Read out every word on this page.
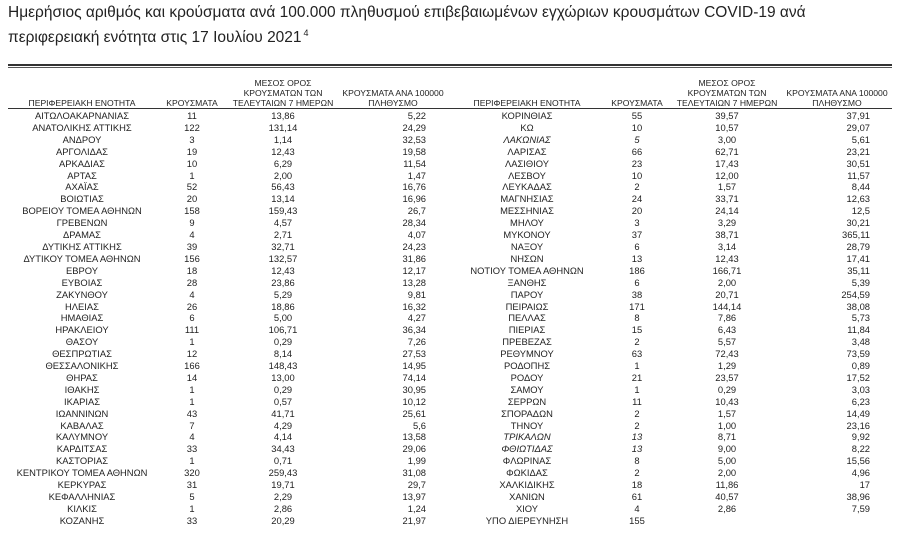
Ημερήσιος αριθμός και κρούσματα ανά 100.000 πληθυσμού επιβεβαιωμένων εγχώριων κρουσμάτων COVID-19 ανά περιφερειακή ενότητα στις 17 Ιουλίου 2021 $^4$

ΠΕΡΙΦΕΡΕΙΑΚΗ ΕΝΟΤΗΤΑ	ΚΡΟΥΣΜΑΤΑ	ΜΕΣΟΣ ΟΡΟΣ ΚΡΟΥΣΜΑΤΩΝ ΤΩΝ ΤΕΛΕΥΤΑΙΩΝ 7 ΗΜΕΡΩΝ	ΚΡΟΥΣΜΑΤΑ ΑΝΑ 100000 ΠΛΗΘΥΣΜΟ
ΑΙΤΩΛΟΑΚΑΡΝΑΝΙΑΣ	11	13,86	5,22
ΑΝΑΤΟΛΙΚΗΣ ΑΤΤΙΚΗΣ	122	131,14	24,29
ΑΝΔΡΟΥ	3	1,14	32,53
ΑΡΓΟΛΙΔΑΣ	19	12,43	19,58
ΑΡΚΑΔΙΑΣ	10	6,29	11,54
ΑΡΤΑΣ	1	2,00	1,47
ΑΧΑΪΑΣ	52	56,43	16,76
ΒΟΙΩΤΙΑΣ	20	13,14	16,96
ΒΟΡΕΙΟΥ ΤΟΜΕΑ ΑΘΗΝΩΝ	158	159,43	26,7
ΓΡΕΒΕΝΩΝ	9	4,57	28,34
ΔΡΑΜΑΣ	4	2,71	4,07
ΔΥΤΙΚΗΣ ΑΤΤΙΚΗΣ	39	32,71	24,23
ΔΥΤΙΚΟΥ ΤΟΜΕΑ ΑΘΗΝΩΝ	156	132,57	31,86
ΕΒΡΟΥ	18	12,43	12,17
ΕΥΒΟΙΑΣ	28	23,86	13,28
ΖΑΚΥΝΘΟΥ	4	5,29	9,81
ΗΛΕΙΑΣ	26	18,86	16,32
ΗΜΑΘΙΑΣ	6	5,00	4,27
ΗΡΑΚΛΕΙΟΥ	111	106,71	36,34
ΘΑΣΟΥ	1	0,29	7,26
ΘΕΣΠΡΩΤΙΑΣ	12	8,14	27,53
ΘΕΣΣΑΛΟΝΙΚΗΣ	166	148,43	14,95
ΘΗΡΑΣ	14	13,00	74,14
ΙΘΑΚΗΣ	1	0,29	30,95
ΙΚΑΡΙΑΣ	1	0,57	10,12
ΙΩΑΝΝΙΝΩΝ	43	41,71	25,61
ΚΑΒΑΛΑΣ	7	4,29	5,6
ΚΑΛΥΜΝΟΥ	4	4,14	13,58
ΚΑΡΔΙΤΣΑΣ	33	34,43	29,06
ΚΑΣΤΟΡΙΑΣ	1	0,71	1,99
ΚΕΝΤΡΙΚΟΥ ΤΟΜΕΑ ΑΘΗΝΩΝ	320	259,43	31,08
ΚΕΡΚΥΡΑΣ	31	19,71	29,7
ΚΕΦΑΛΛΗΝΙΑΣ	5	2,29	13,97
ΚΙΛΚΙΣ	1	2,86	1,24
ΚΟΖΑΝΗΣ	33	20,29	21,97
ΠΕΡΙΦΕΡΕΙΑΚΗ ΕΝΟΤΗΤΑ	ΚΡΟΥΣΜΑΤΑ	ΜΕΣΟΣ ΟΡΟΣ ΚΡΟΥΣΜΑΤΩΝ ΤΩΝ ΤΕΛΕΥΤΑΙΩΝ 7 ΗΜΕΡΩΝ	ΚΡΟΥΣΜΑΤΑ ΑΝΑ 100000 ΠΛΗΘΥΣΜΟ
ΚΟΡΙΝΘΙΑΣ	55	39,57	37,91
ΚΩ	10	10,57	29,07
ΛΑΚΩΝΙΑΣ	5	3,00	5,61
ΛΑΡΙΣΑΣ	66	62,71	23,21
ΛΑΣΙΘΙΟΥ	23	17,43	30,51
ΛΕΣΒΟΥ	10	12,00	11,57
ΛΕΥΚΑΔΑΣ	2	1,57	8,44
ΜΑΓΝΗΣΙΑΣ	24	33,71	12,63
ΜΕΣΣΗΝΙΑΣ	20	24,14	12,5
ΜΗΛΟΥ	3	3,29	30,21
ΜΥΚΟΝΟΥ	37	38,71	365,11
ΝΑΞΟΥ	6	3,14	28,79
ΝΗΣΩΝ	13	12,43	17,41
ΝΟΤΙΟΥ ΤΟΜΕΑ ΑΘΗΝΩΝ	186	166,71	35,11
ΞΑΝΘΗΣ	6	2,00	5,39
ΠΑΡΟΥ	38	20,71	254,59
ΠΕΙΡΑΙΩΣ	171	144,14	38,08
ΠΕΛΛΑΣ	8	7,86	5,73
ΠΙΕΡΙΑΣ	15	6,43	11,84
ΠΡΕΒΕΖΑΣ	2	5,57	3,48
ΡΕΘΥΜΝΟΥ	63	72,43	73,59
ΡΟΔΟΠΗΣ	1	1,29	0,89
ΡΟΔΟΥ	21	23,57	17,52
ΣΑΜΟΥ	1	0,29	3,03
ΣΕΡΡΩΝ	11	10,43	6,23
ΣΠΟΡΑΔΩΝ	2	1,57	14,49
ΤΗΝΟΥ	2	1,00	23,16
ΤΡΙΚΑΛΩΝ	13	8,71	9,92
ΦΘΙΩΤΙΔΑΣ	13	9,00	8,22
ΦΛΩΡΙΝΑΣ	8	5,00	15,56
ΦΩΚΙΔΑΣ	2	2,00	4,96
ΧΑΛΚΙΔΙΚΗΣ	18	11,86	17
ΧΑΝΙΩΝ	61	40,57	38,96
ΧΙΟΥ	4	2,86	7,59
ΥΠΟ ΔΙΕΡΕΥΝΗΣΗ	155		
